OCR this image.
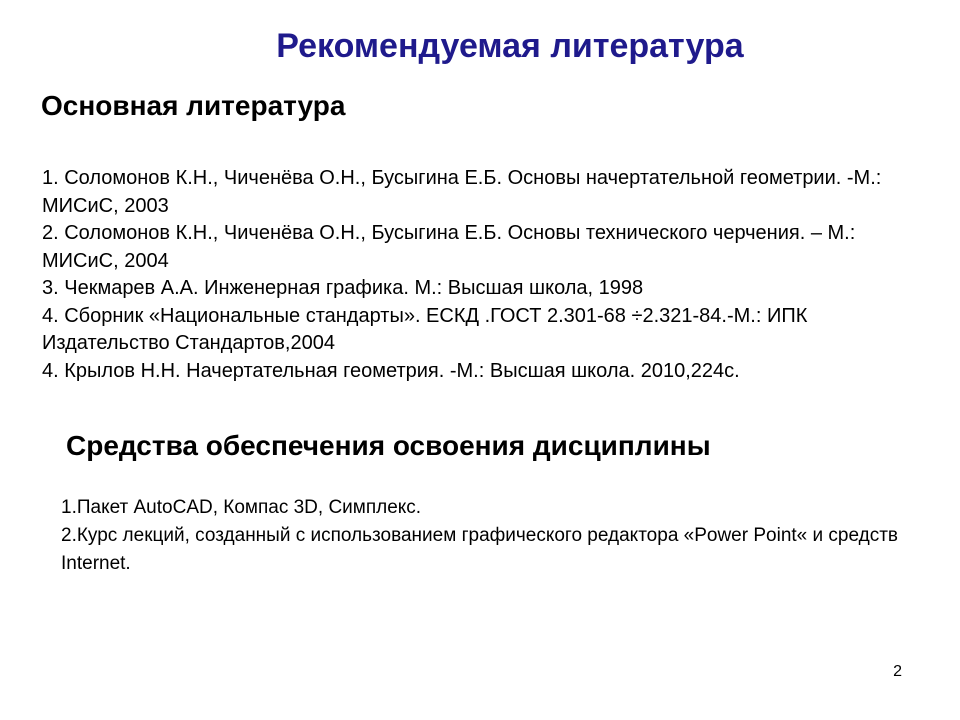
Рекомендуемая литература
Основная литература
1. Соломонов К.Н., Чиченёва О.Н., Бусыгина Е.Б. Основы начертательной геометрии. -М.: МИСиС, 2003
2. Соломонов К.Н., Чиченёва О.Н., Бусыгина Е.Б. Основы технического черчения. – М.: МИСиС, 2004
3. Чекмарев А.А. Инженерная графика. М.: Высшая школа, 1998
4. Сборник «Национальные стандарты». ЕСКД .ГОСТ 2.301-68 ÷2.321-84.-М.: ИПК Издательство Стандартов,2004
4. Крылов Н.Н. Начертательная геометрия. -М.: Высшая школа. 2010,224с.
Средства обеспечения освоения дисциплины
1.Пакет AutoCAD, Компас 3D, Симплекс.
2.Курс лекций, созданный с использованием графического редактора «Power Point« и средств Internet.
2
